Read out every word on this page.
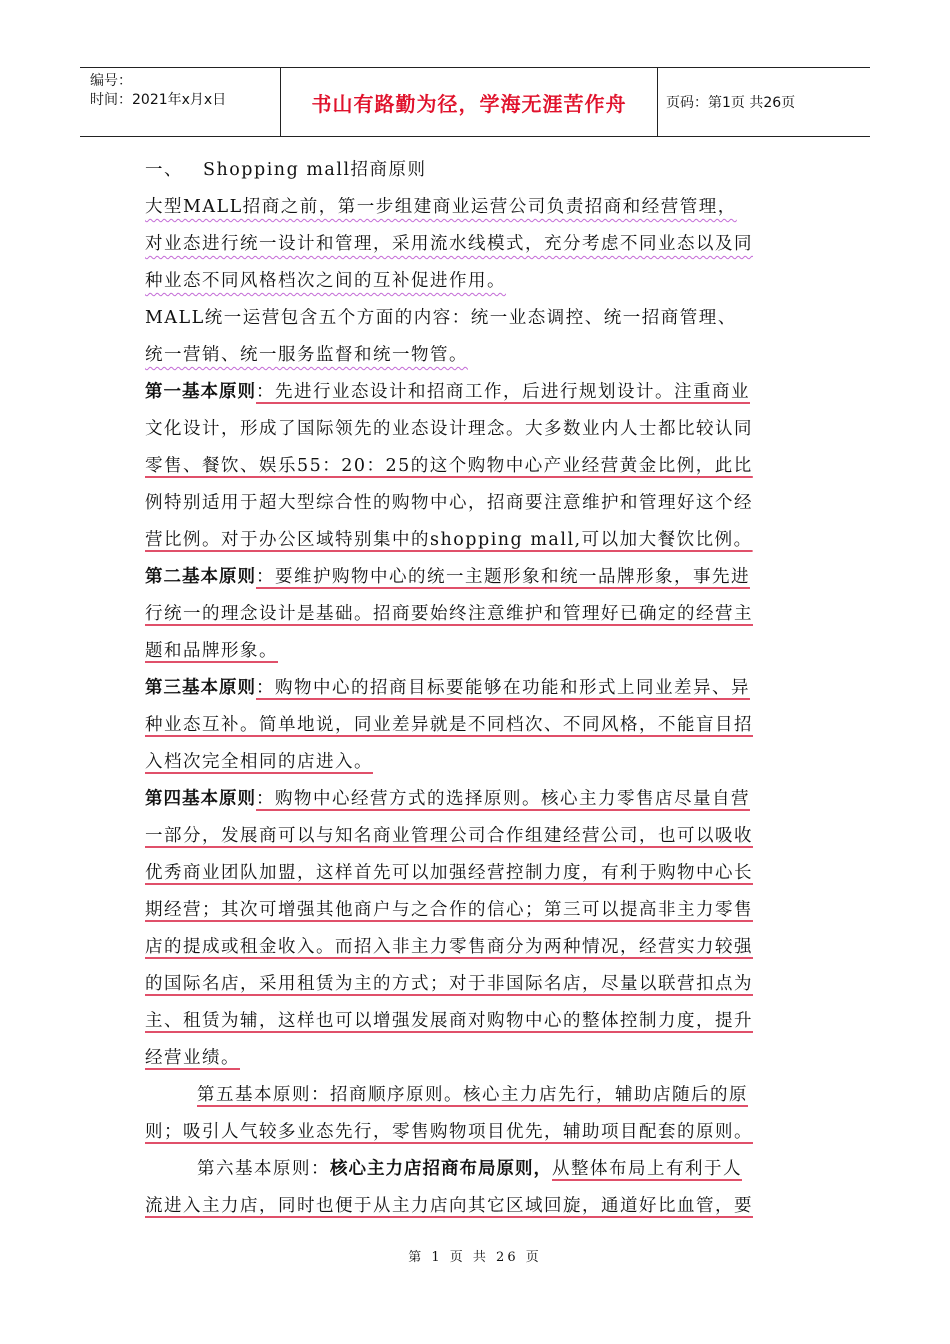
编号：
时间：2021年x月x日	书山有路勤为径，学海无涯苦作舟	页码：第1页 共26页
一、 Shopping mall招商原则
大型MALL招商之前，第一步组建商业运营公司负责招商和经营管理，
对业态进行统一设计和管理，采用流水线模式，充分考虑不同业态以及同
种业态不同风格档次之间的互补促进作用。
MALL统一运营包含五个方面的内容：统一业态调控、统一招商管理、
统一营销、统一服务监督和统一物管。
第一基本原则：先进行业态设计和招商工作，后进行规划设计。注重商业
文化设计，形成了国际领先的业态设计理念。大多数业内人士都比较认同
零售、餐饮、娱乐55：20：25的这个购物中心产业经营黄金比例，此比
例特别适用于超大型综合性的购物中心，招商要注意维护和管理好这个经
营比例。对于办公区域特别集中的shopping mall,可以加大餐饮比例。
第二基本原则：要维护购物中心的统一主题形象和统一品牌形象，事先进
行统一的理念设计是基础。招商要始终注意维护和管理好已确定的经营主
题和品牌形象。
第三基本原则：购物中心的招商目标要能够在功能和形式上同业差异、异
种业态互补。简单地说，同业差异就是不同档次、不同风格，不能盲目招
入档次完全相同的店进入。
第四基本原则：购物中心经营方式的选择原则。核心主力零售店尽量自营
一部分，发展商可以与知名商业管理公司合作组建经营公司，也可以吸收
优秀商业团队加盟，这样首先可以加强经营控制力度，有利于购物中心长
期经营；其次可增强其他商户与之合作的信心；第三可以提高非主力零售
店的提成或租金收入。而招入非主力零售商分为两种情况，经营实力较强
的国际名店，采用租赁为主的方式；对于非国际名店，尽量以联营扣点为
主、租赁为辅，这样也可以增强发展商对购物中心的整体控制力度，提升
经营业绩。
第五基本原则：招商顺序原则。核心主力店先行，辅助店随后的原
则；吸引人气较多业态先行，零售购物项目优先，辅助项目配套的原则。
第六基本原则：核心主力店招商布局原则，从整体布局上有利于人
流进入主力店，同时也便于从主力店向其它区域回旋，通道好比血管，要
第 1 页 共 26 页
